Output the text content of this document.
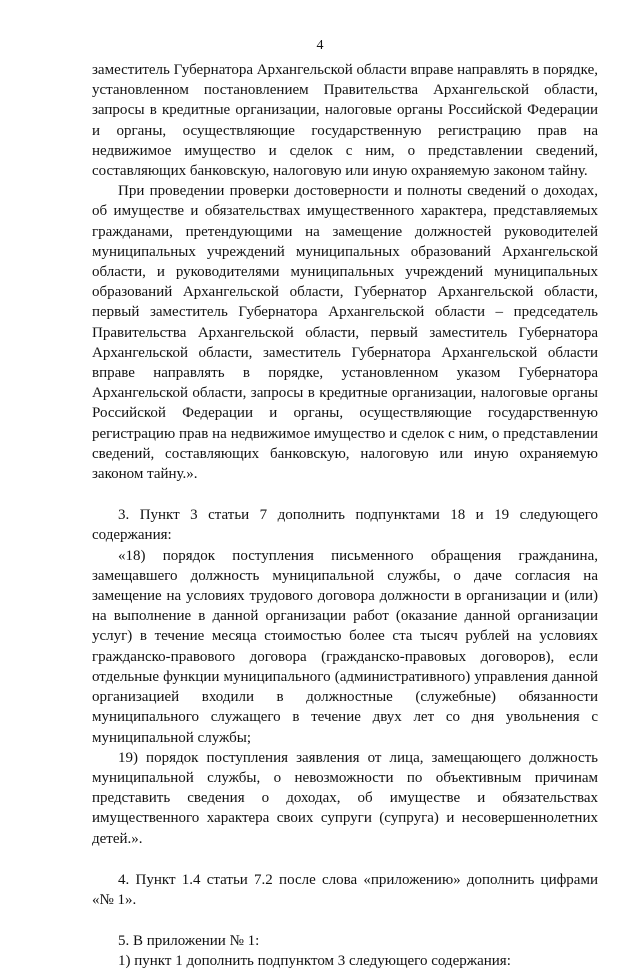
4

заместитель Губернатора Архангельской области вправе направлять в порядке, установленном постановлением Правительства Архангельской области, запросы в кредитные организации, налоговые органы Российской Федерации и органы, осуществляющие государственную регистрацию прав на недвижимое имущество и сделок с ним, о представлении сведений, составляющих банковскую, налоговую или иную охраняемую законом тайну.

При проведении проверки достоверности и полноты сведений о доходах, об имуществе и обязательствах имущественного характера, представляемых гражданами, претендующими на замещение должностей руководителей муниципальных учреждений муниципальных образований Архангельской области, и руководителями муниципальных учреждений муниципальных образований Архангельской области, Губернатор Архангельской области, первый заместитель Губернатора Архангельской области – председатель Правительства Архангельской области, первый заместитель Губернатора Архангельской области, заместитель Губернатора Архангельской области вправе направлять в порядке, установленном указом Губернатора Архангельской области, запросы в кредитные организации, налоговые органы Российской Федерации и органы, осуществляющие государственную регистрацию прав на недвижимое имущество и сделок с ним, о представлении сведений, составляющих банковскую, налоговую или иную охраняемую законом тайну.».

3. Пункт 3 статьи 7 дополнить подпунктами 18 и 19 следующего содержания:

«18) порядок поступления письменного обращения гражданина, замещавшего должность муниципальной службы, о даче согласия на замещение на условиях трудового договора должности в организации и (или) на выполнение в данной организации работ (оказание данной организации услуг) в течение месяца стоимостью более ста тысяч рублей на условиях гражданско-правового договора (гражданско-правовых договоров), если отдельные функции муниципального (административного) управления данной организацией входили в должностные (служебные) обязанности муниципального служащего в течение двух лет со дня увольнения с муниципальной службы;

19) порядок поступления заявления от лица, замещающего должность муниципальной службы, о невозможности по объективным причинам представить сведения о доходах, об имуществе и обязательствах имущественного характера своих супруги (супруга) и несовершеннолетних детей.».

4. Пункт 1.4 статьи 7.2 после слова «приложению» дополнить цифрами «№ 1».

5. В приложении № 1:

1) пункт 1 дополнить подпунктом 3 следующего содержания:
